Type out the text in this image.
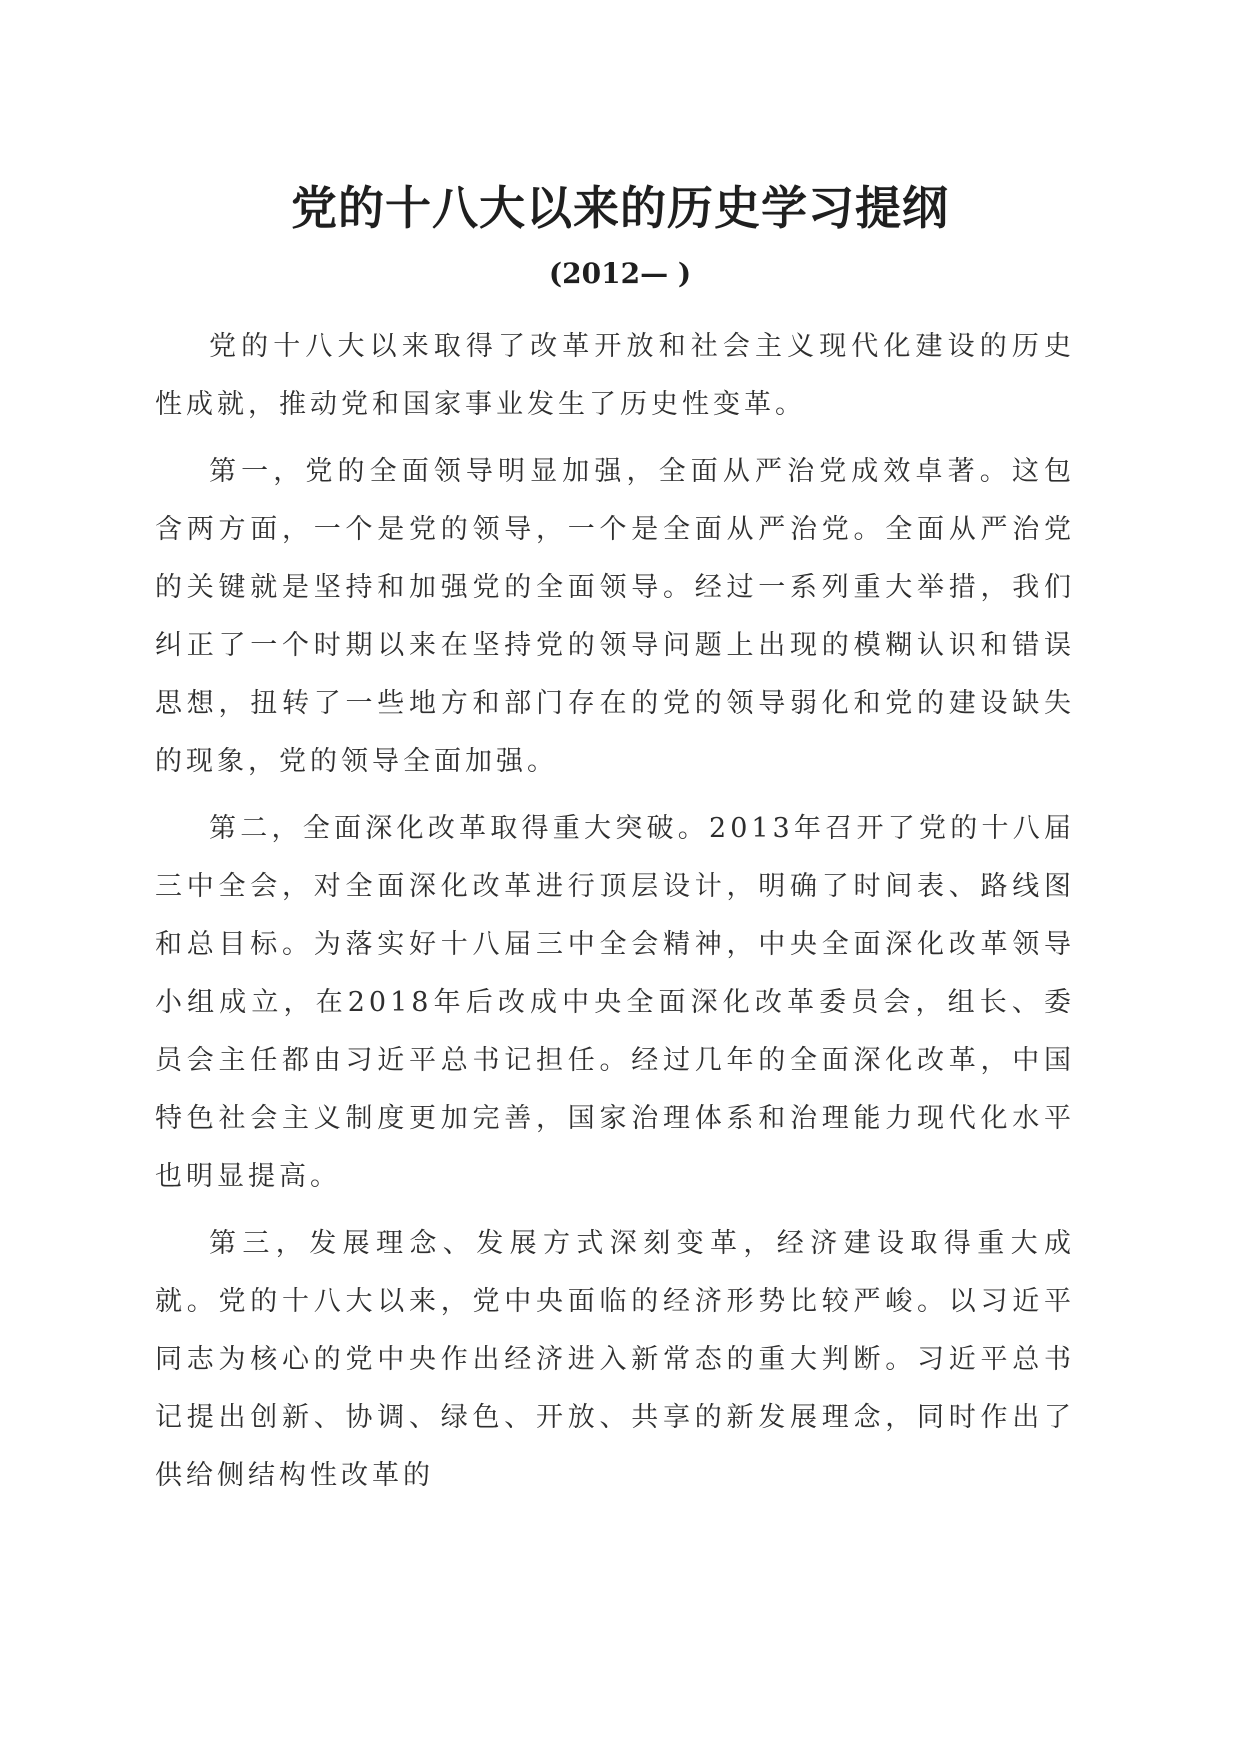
党的十八大以来的历史学习提纲
(2012— )

党的十八大以来取得了改革开放和社会主义现代化建设的历史性成就，推动党和国家事业发生了历史性变革。

第一，党的全面领导明显加强，全面从严治党成效卓著。这包含两方面，一个是党的领导，一个是全面从严治党。全面从严治党的关键就是坚持和加强党的全面领导。经过一系列重大举措，我们纠正了一个时期以来在坚持党的领导问题上出现的模糊认识和错误思想，扭转了一些地方和部门存在的党的领导弱化和党的建设缺失的现象，党的领导全面加强。

第二，全面深化改革取得重大突破。2013年召开了党的十八届三中全会，对全面深化改革进行顶层设计，明确了时间表、路线图和总目标。为落实好十八届三中全会精神，中央全面深化改革领导小组成立，在2018年后改成中央全面深化改革委员会，组长、委员会主任都由习近平总书记担任。经过几年的全面深化改革，中国特色社会主义制度更加完善，国家治理体系和治理能力现代化水平也明显提高。

第三，发展理念、发展方式深刻变革，经济建设取得重大成就。党的十八大以来，党中央面临的经济形势比较严峻。以习近平同志为核心的党中央作出经济进入新常态的重大判断。习近平总书记提出创新、协调、绿色、开放、共享的新发展理念，同时作出了供给侧结构性改革的
